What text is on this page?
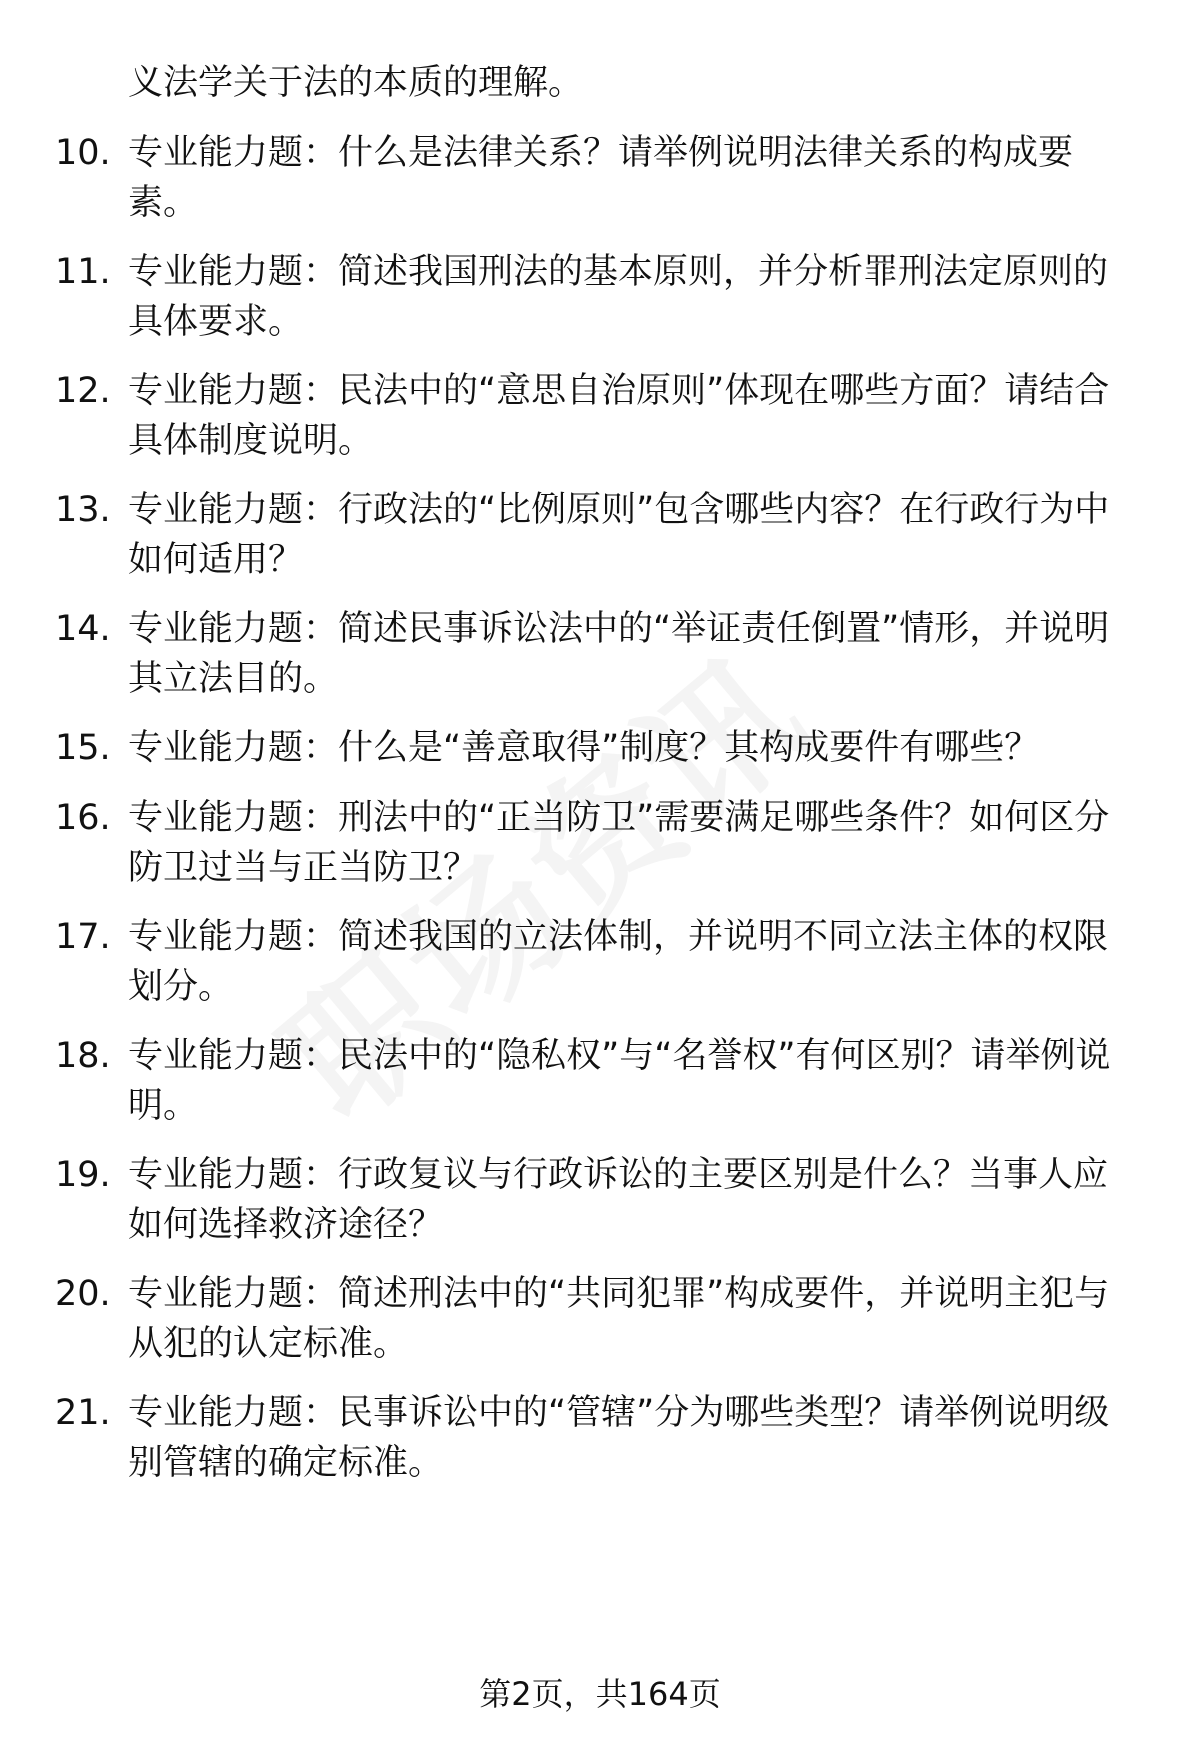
义法学关于法的本质的理解。

10. 专业能力题：什么是法律关系？请举例说明法律关系的构成要素。
11. 专业能力题：简述我国刑法的基本原则，并分析罪刑法定原则的具体要求。
12. 专业能力题：民法中的“意思自治原则”体现在哪些方面？请结合具体制度说明。
13. 专业能力题：行政法的“比例原则”包含哪些内容？在行政行为中如何适用？
14. 专业能力题：简述民事诉讼法中的“举证责任倒置”情形，并说明其立法目的。
15. 专业能力题：什么是“善意取得”制度？其构成要件有哪些？
16. 专业能力题：刑法中的“正当防卫”需要满足哪些条件？如何区分防卫过当与正当防卫？
17. 专业能力题：简述我国的立法体制，并说明不同立法主体的权限划分。
18. 专业能力题：民法中的“隐私权”与“名誉权”有何区别？请举例说明。
19. 专业能力题：行政复议与行政诉讼的主要区别是什么？当事人应如何选择救济途径？
20. 专业能力题：简述刑法中的“共同犯罪”构成要件，并说明主犯与从犯的认定标准。
21. 专业能力题：民事诉讼中的“管辖”分为哪些类型？请举例说明级别管辖的确定标准。
第2页，共164页
